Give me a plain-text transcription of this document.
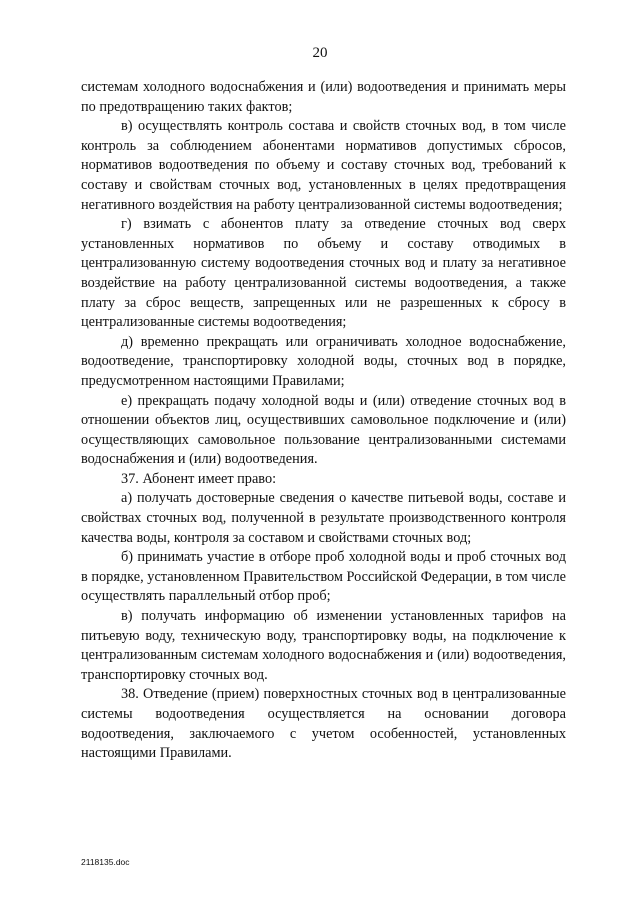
20

системам холодного водоснабжения и (или) водоотведения и принимать меры по предотвращению таких фактов;

в) осуществлять контроль состава и свойств сточных вод, в том числе контроль за соблюдением абонентами нормативов допустимых сбросов, нормативов водоотведения по объему и составу сточных вод, требований к составу и свойствам сточных вод, установленных в целях предотвращения негативного воздействия на работу централизованной системы водоотведения;

г) взимать с абонентов плату за отведение сточных вод сверх установленных нормативов по объему и составу отводимых в централизованную систему водоотведения сточных вод и плату за негативное воздействие на работу централизованной системы водоотведения, а также плату за сброс веществ, запрещенных или не разрешенных к сбросу в централизованные системы водоотведения;

д) временно прекращать или ограничивать холодное водоснабжение, водоотведение, транспортировку холодной воды, сточных вод в порядке, предусмотренном настоящими Правилами;

е) прекращать подачу холодной воды и (или) отведение сточных вод в отношении объектов лиц, осуществивших самовольное подключение и (или) осуществляющих самовольное пользование централизованными системами водоснабжения и (или) водоотведения.

37. Абонент имеет право:

а) получать достоверные сведения о качестве питьевой воды, составе и свойствах сточных вод, полученной в результате производственного контроля качества воды, контроля за составом и свойствами сточных вод;

б) принимать участие в отборе проб холодной воды и проб сточных вод в порядке, установленном Правительством Российской Федерации, в том числе осуществлять параллельный отбор проб;

в) получать информацию об изменении установленных тарифов на питьевую воду, техническую воду, транспортировку воды, на подключение к централизованным системам холодного водоснабжения и (или) водоотведения, транспортировку сточных вод.

38. Отведение (прием) поверхностных сточных вод в централизованные системы водоотведения осуществляется на основании договора водоотведения, заключаемого с учетом особенностей, установленных настоящими Правилами.

2118135.doc
